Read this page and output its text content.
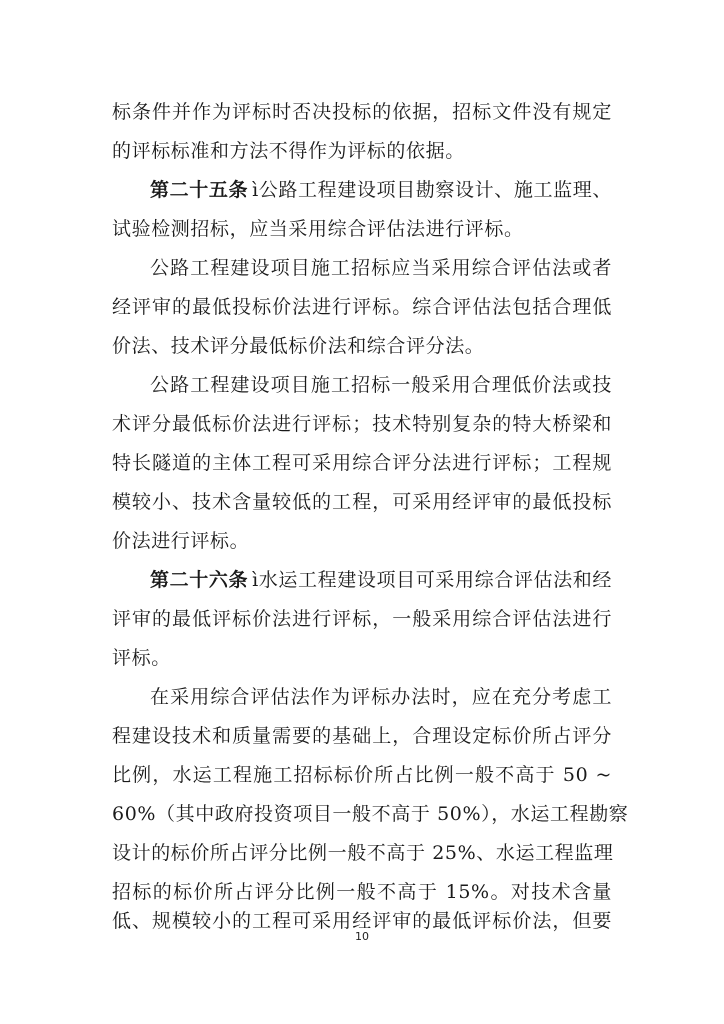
标条件并作为评标时否决投标的依据，招标文件没有规定
的评标标准和方法不得作为评标的依据。
第二十五条 ì公路工程建设项目勘察设计、施工监理、
试验检测招标，应当采用综合评估法进行评标。
公路工程建设项目施工招标应当采用综合评估法或者
经评审的最低投标价法进行评标。综合评估法包括合理低
价法、技术评分最低标价法和综合评分法。
公路工程建设项目施工招标一般采用合理低价法或技
术评分最低标价法进行评标；技术特别复杂的特大桥梁和
特长隧道的主体工程可采用综合评分法进行评标；工程规
模较小、技术含量较低的工程，可采用经评审的最低投标
价法进行评标。
第二十六条 ì水运工程建设项目可采用综合评估法和经
评审的最低评标价法进行评标，一般采用综合评估法进行
评标。
在采用综合评估法作为评标办法时，应在充分考虑工
程建设技术和质量需要的基础上，合理设定标价所占评分
比例，水运工程施工招标标价所占比例一般不高于 50 ~
60%（其中政府投资项目一般不高于 50%），水运工程勘察
设计的标价所占评分比例一般不高于 25%、水运工程监理
招标的标价所占评分比例一般不高于 15%。对技术含量
低、规模较小的工程可采用经评审的最低评标价法，但要
10
